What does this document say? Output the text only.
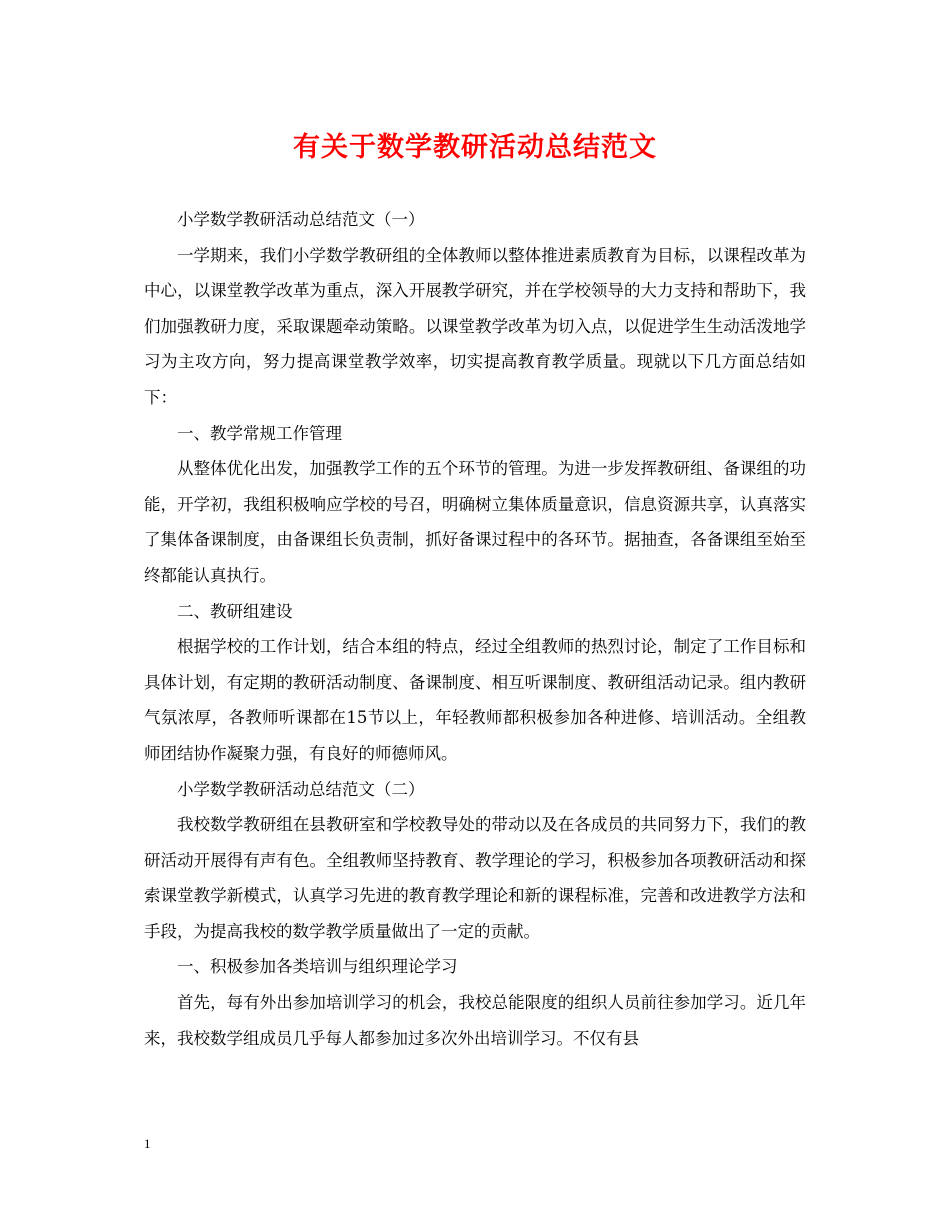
有关于数学教研活动总结范文

小学数学教研活动总结范文（一）

一学期来，我们小学数学教研组的全体教师以整体推进素质教育为目标，以课程改革为中心，以课堂教学改革为重点，深入开展教学研究，并在学校领导的大力支持和帮助下，我们加强教研力度，采取课题牵动策略。以课堂教学改革为切入点，以促进学生生动活泼地学习为主攻方向，努力提高课堂教学效率，切实提高教育教学质量。现就以下几方面总结如下：

一、教学常规工作管理

从整体优化出发，加强教学工作的五个环节的管理。为进一步发挥教研组、备课组的功能，开学初，我组积极响应学校的号召，明确树立集体质量意识，信息资源共享，认真落实了集体备课制度，由备课组长负责制，抓好备课过程中的各环节。据抽查，各备课组至始至终都能认真执行。

二、教研组建设

根据学校的工作计划，结合本组的特点，经过全组教师的热烈讨论，制定了工作目标和具体计划，有定期的教研活动制度、备课制度、相互听课制度、教研组活动记录。组内教研气氛浓厚，各教师听课都在15节以上，年轻教师都积极参加各种进修、培训活动。全组教师团结协作凝聚力强，有良好的师德师风。

小学数学教研活动总结范文（二）

我校数学教研组在县教研室和学校教导处的带动以及在各成员的共同努力下，我们的教研活动开展得有声有色。全组教师坚持教育、教学理论的学习，积极参加各项教研活动和探索课堂教学新模式，认真学习先进的教育教学理论和新的课程标准，完善和改进教学方法和手段，为提高我校的数学教学质量做出了一定的贡献。

一、积极参加各类培训与组织理论学习

首先，每有外出参加培训学习的机会，我校总能限度的组织人员前往参加学习。近几年来，我校数学组成员几乎每人都参加过多次外出培训学习。不仅有县

1
